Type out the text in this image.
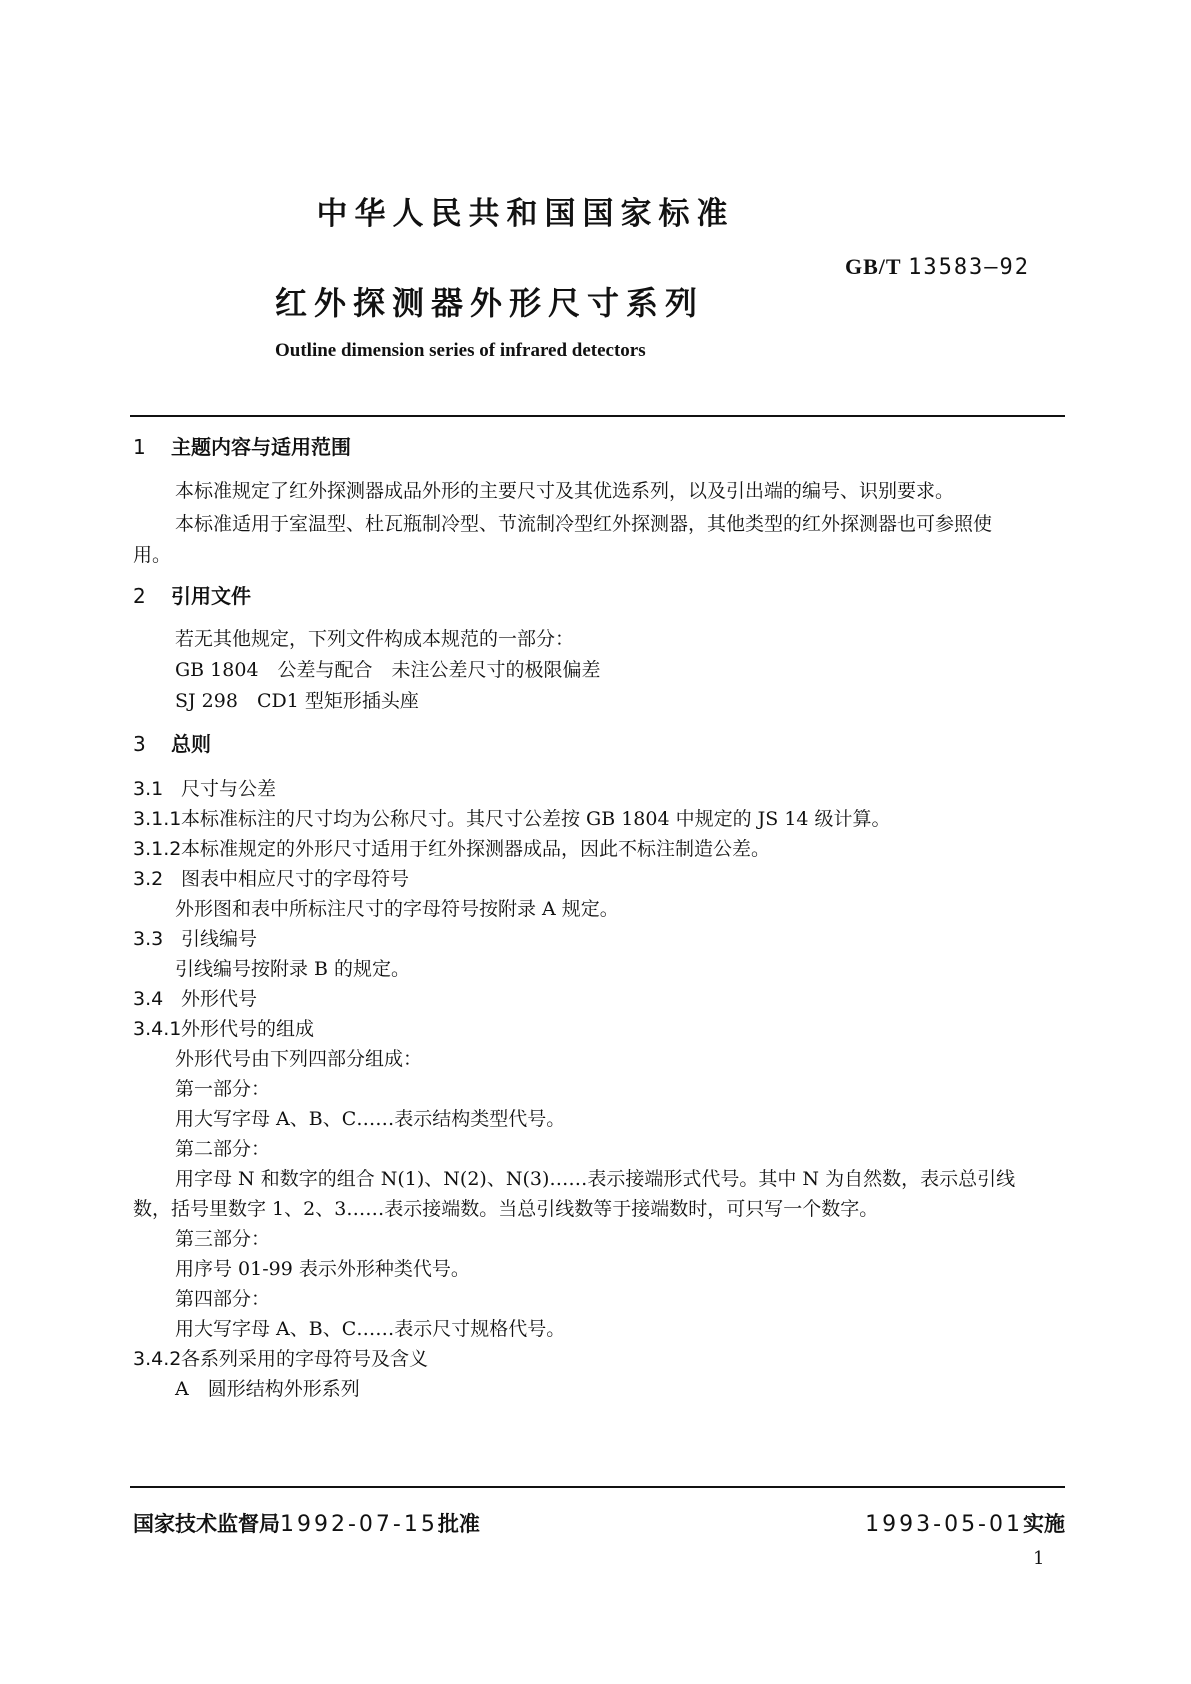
中华人民共和国国家标准
GB/T 13583—92
红外探测器外形尺寸系列
Outline dimension series of infrared detectors
1 主题内容与适用范围
本标准规定了红外探测器成品外形的主要尺寸及其优选系列，以及引出端的编号、识别要求。
本标准适用于室温型、杜瓦瓶制冷型、节流制冷型红外探测器，其他类型的红外探测器也可参照使
用。
2 引用文件
若无其他规定，下列文件构成本规范的一部分：
GB 1804　公差与配合　未注公差尺寸的极限偏差
SJ 298　CD1 型矩形插头座
3 总则
3.1 尺寸与公差
3.1.1本标准标注的尺寸均为公称尺寸。其尺寸公差按 GB 1804 中规定的 JS 14 级计算。
3.1.2本标准规定的外形尺寸适用于红外探测器成品，因此不标注制造公差。
3.2 图表中相应尺寸的字母符号
外形图和表中所标注尺寸的字母符号按附录 A 规定。
3.3 引线编号
引线编号按附录 B 的规定。
3.4 外形代号
3.4.1外形代号的组成
外形代号由下列四部分组成：
第一部分：
用大写字母 A、B、C……表示结构类型代号。
第二部分：
用字母 N 和数字的组合 N(1)、N(2)、N(3)……表示接端形式代号。其中 N 为自然数，表示总引线
数，括号里数字 1、2、3……表示接端数。当总引线数等于接端数时，可只写一个数字。
第三部分：
用序号 01-99 表示外形种类代号。
第四部分：
用大写字母 A、B、C……表示尺寸规格代号。
3.4.2各系列采用的字母符号及含义
A　圆形结构外形系列
国家技术监督局1992-07-15批准	1993-05-01实施
1
